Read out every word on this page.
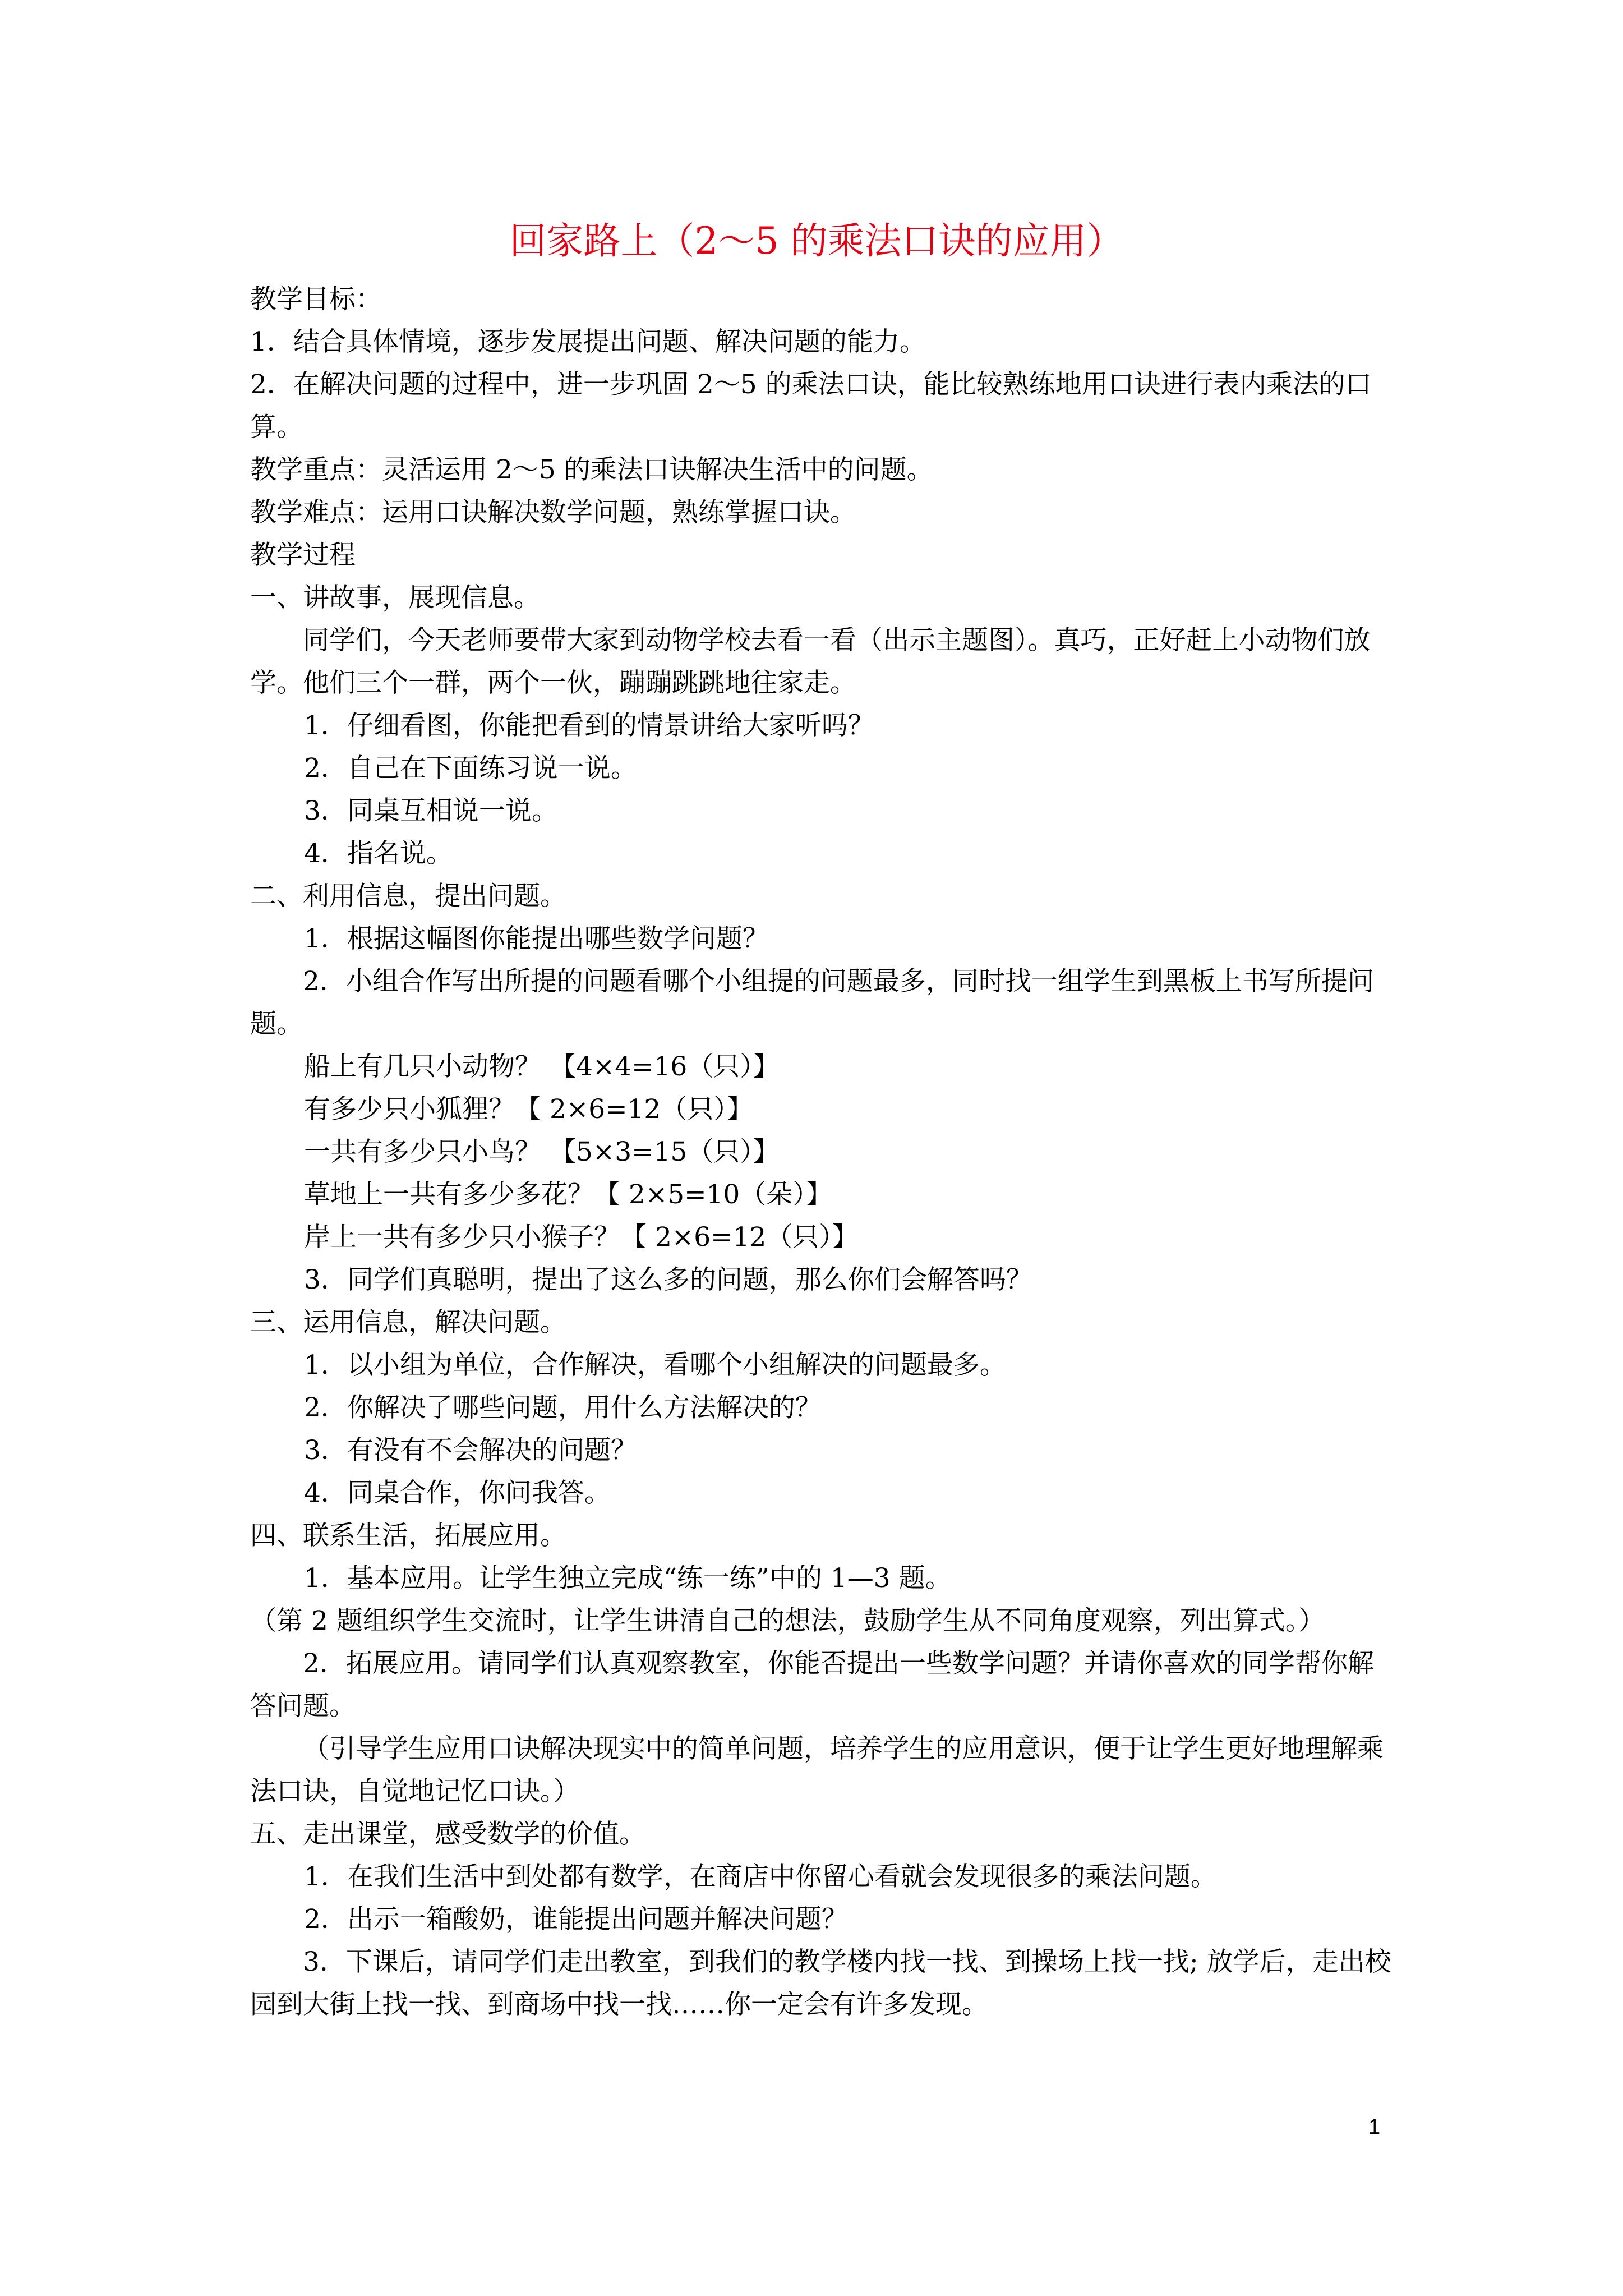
回家路上（2～5 的乘法口诀的应用）

教学目标：

1．结合具体情境，逐步发展提出问题、解决问题的能力。

2．在解决问题的过程中，进一步巩固 2～5 的乘法口诀，能比较熟练地用口诀进行表内乘法的口算。

教学重点：灵活运用 2～5 的乘法口诀解决生活中的问题。

教学难点：运用口诀解决数学问题，熟练掌握口诀。

教学过程

一、讲故事，展现信息。

同学们，今天老师要带大家到动物学校去看一看（出示主题图）。真巧，正好赶上小动物们放学。他们三个一群，两个一伙，蹦蹦跳跳地往家走。

1．仔细看图，你能把看到的情景讲给大家听吗？

2．自己在下面练习说一说。

3．同桌互相说一说。

4．指名说。

二、利用信息，提出问题。

1．根据这幅图你能提出哪些数学问题？

2．小组合作写出所提的问题看哪个小组提的问题最多，同时找一组学生到黑板上书写所提问题。

船上有几只小动物？ 【4×4=16（只）】

有多少只小狐狸？【 2×6=12（只）】

一共有多少只小鸟？ 【5×3=15（只）】

草地上一共有多少多花？【 2×5=10（朵）】

岸上一共有多少只小猴子？【 2×6=12（只）】

3．同学们真聪明，提出了这么多的问题，那么你们会解答吗？

三、运用信息，解决问题。

1．以小组为单位，合作解决，看哪个小组解决的问题最多。

2．你解决了哪些问题，用什么方法解决的？

3．有没有不会解决的问题？

4．同桌合作，你问我答。

四、联系生活，拓展应用。

1．基本应用。让学生独立完成“练一练”中的 1—3 题。

（第 2 题组织学生交流时，让学生讲清自己的想法，鼓励学生从不同角度观察，列出算式。）

2．拓展应用。请同学们认真观察教室，你能否提出一些数学问题？并请你喜欢的同学帮你解答问题。

（引导学生应用口诀解决现实中的简单问题，培养学生的应用意识，便于让学生更好地理解乘法口诀，自觉地记忆口诀。）

五、走出课堂，感受数学的价值。

1．在我们生活中到处都有数学，在商店中你留心看就会发现很多的乘法问题。

2．出示一箱酸奶，谁能提出问题并解决问题？

3．下课后，请同学们走出教室，到我们的教学楼内找一找、到操场上找一找; 放学后，走出校园到大街上找一找、到商场中找一找……你一定会有许多发现。

1
